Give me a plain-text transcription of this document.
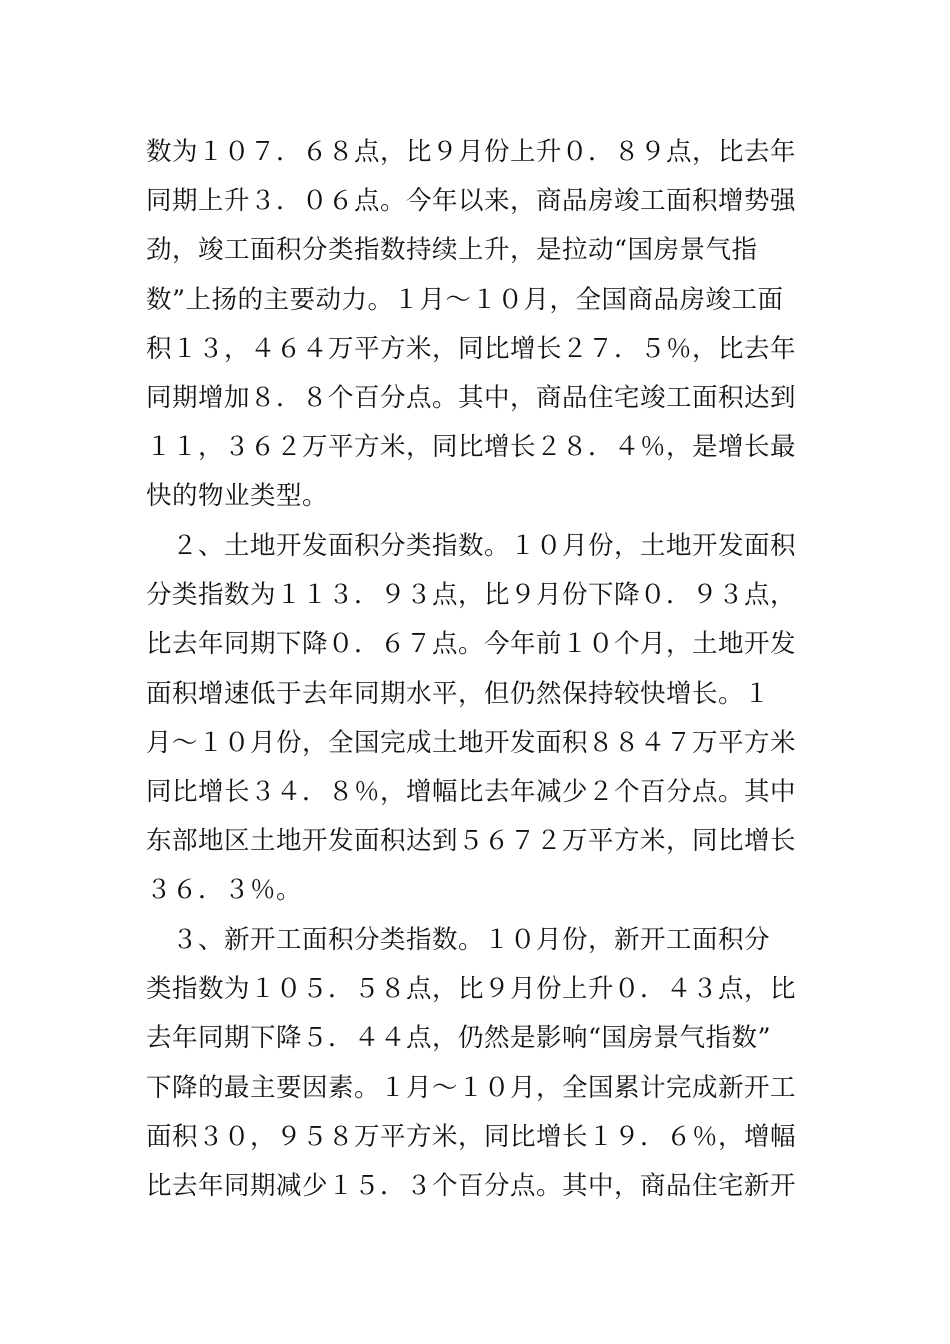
数为１０７．６８点，比９月份上升０．８９点，比去年
同期上升３．０６点。今年以来，商品房竣工面积增势强
劲，竣工面积分类指数持续上升，是拉动“国房景气指
数”上扬的主要动力。１月～１０月，全国商品房竣工面
积１３，４６４万平方米，同比增长２７．５％，比去年
同期增加８．８个百分点。其中，商品住宅竣工面积达到
１１，３６２万平方米，同比增长２８．４％，是增长最
快的物业类型。
　２、土地开发面积分类指数。１０月份，土地开发面积
分类指数为１１３．９３点，比９月份下降０．９３点，
比去年同期下降０．６７点。今年前１０个月，土地开发
面积增速低于去年同期水平，但仍然保持较快增长。１
月～１０月份，全国完成土地开发面积８８４７万平方米
同比增长３４．８％，增幅比去年减少２个百分点。其中
东部地区土地开发面积达到５６７２万平方米，同比增长
３６．３％。
　３、新开工面积分类指数。１０月份，新开工面积分
类指数为１０５．５８点，比９月份上升０．４３点，比
去年同期下降５．４４点，仍然是影响“国房景气指数”
下降的最主要因素。１月～１０月，全国累计完成新开工
面积３０，９５８万平方米，同比增长１９．６％，增幅
比去年同期减少１５．３个百分点。其中，商品住宅新开
